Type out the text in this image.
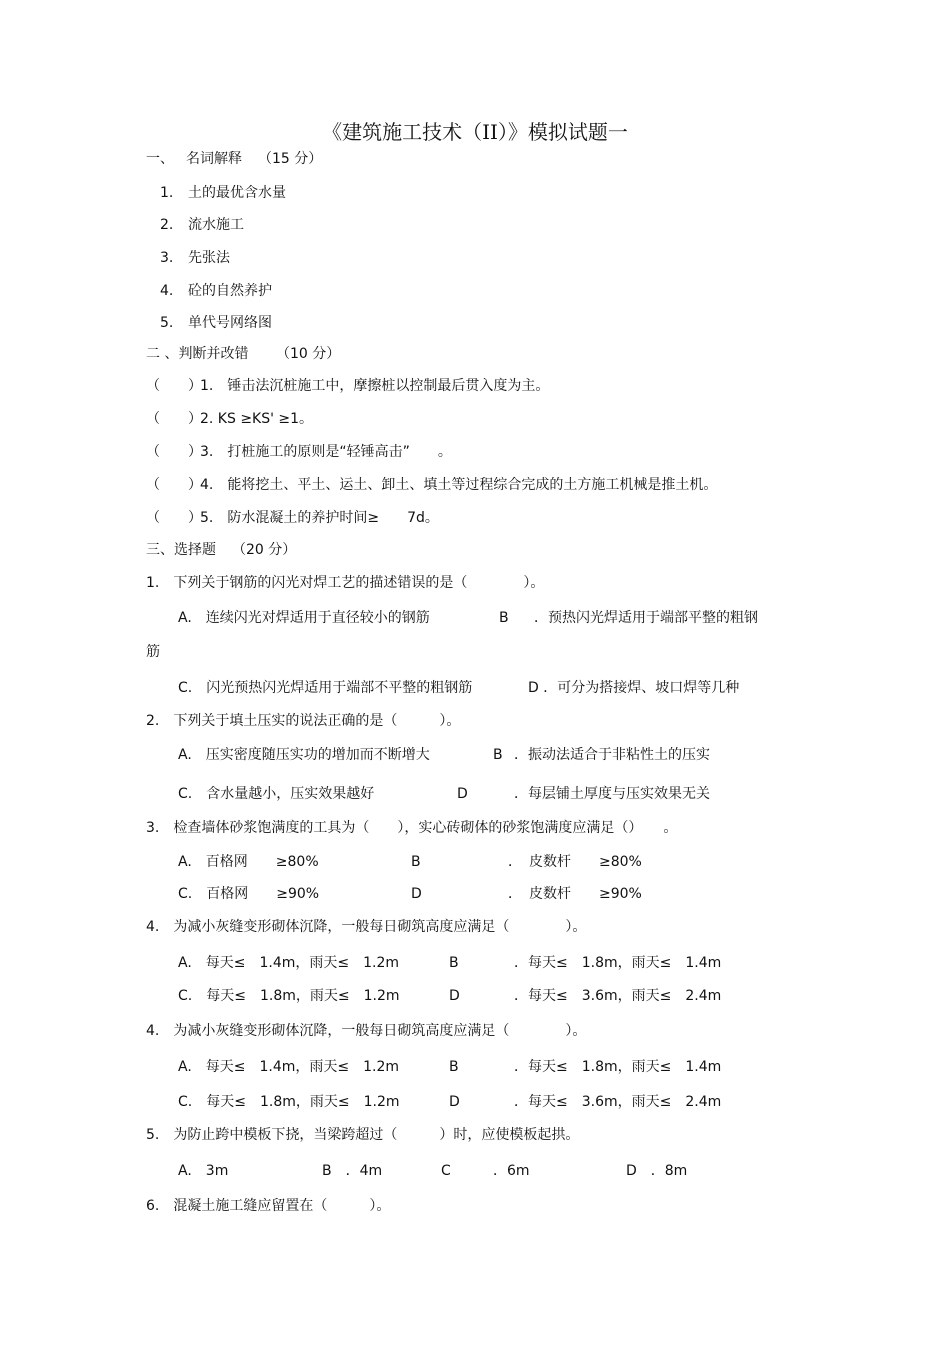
《建筑施工技术（II）》模拟试题一
一、 名词解释 （15 分）
1. 土的最优含水量
2. 流水施工
3. 先张法
4. 砼的自然养护
5. 单代号网络图
二 、判断并改错 （10 分）
（　　）
1.　锤击法沉桩施工中，摩擦桩以控制最后贯入度为主。
（　　）
2. KS ≥KS' ≥1。
（　　）
3.　打桩施工的原则是“轻锤高击”　　。
（　　）
4.　能将挖土、平土、运土、卸土、填土等过程综合完成的土方施工机械是推土机。
（　　）
5.　防水混凝土的养护时间≥　　7d。
三、选择题 （20 分）
1.　下列关于钢筋的闪光对焊工艺的描述错误的是（　　　　）。
A.　连续闪光对焊适用于直径较小的钢筋	B ．预热闪光焊适用于端部平整的粗钢
筋
C.　闪光预热闪光焊适用于端部不平整的粗钢筋	D ．可分为搭接焊、坡口焊等几种
2.　下列关于填土压实的说法正确的是（　　　）。
A.　压实密度随压实功的增加而不断增大	B ．振动法适合于非粘性土的压实
C.　含水量越小，压实效果越好	D	．每层铺土厚度与压实效果无关
3.　检查墙体砂浆饱满度的工具为（　　），实心砖砌体的砂浆饱满度应满足（）　　。
A.　百格网　　≥80%	B	．　皮数杆　　≥80%
C.　百格网　　≥90%	D	．　皮数杆　　≥90%
4.　为减小灰缝变形砌体沉降，一般每日砌筑高度应满足（　　　　）。
A.　每天≤　1.4m，雨天≤　1.2m	B	．每天≤　1.8m，雨天≤　1.4m
C.　每天≤　1.8m，雨天≤　1.2m	D	．每天≤　3.6m，雨天≤　2.4m
4.　为减小灰缝变形砌体沉降，一般每日砌筑高度应满足（　　　　）。
A.　每天≤　1.4m，雨天≤　1.2m	B	．每天≤　1.8m，雨天≤　1.4m
C.　每天≤　1.8m，雨天≤　1.2m	D	．每天≤　3.6m，雨天≤　2.4m
5.　为防止跨中模板下挠，当梁跨超过（　　　）时，应使模板起拱。
A.　3m	B　．4m	C	．6m	D　．8m
6.　混凝土施工缝应留置在（　　　）。
